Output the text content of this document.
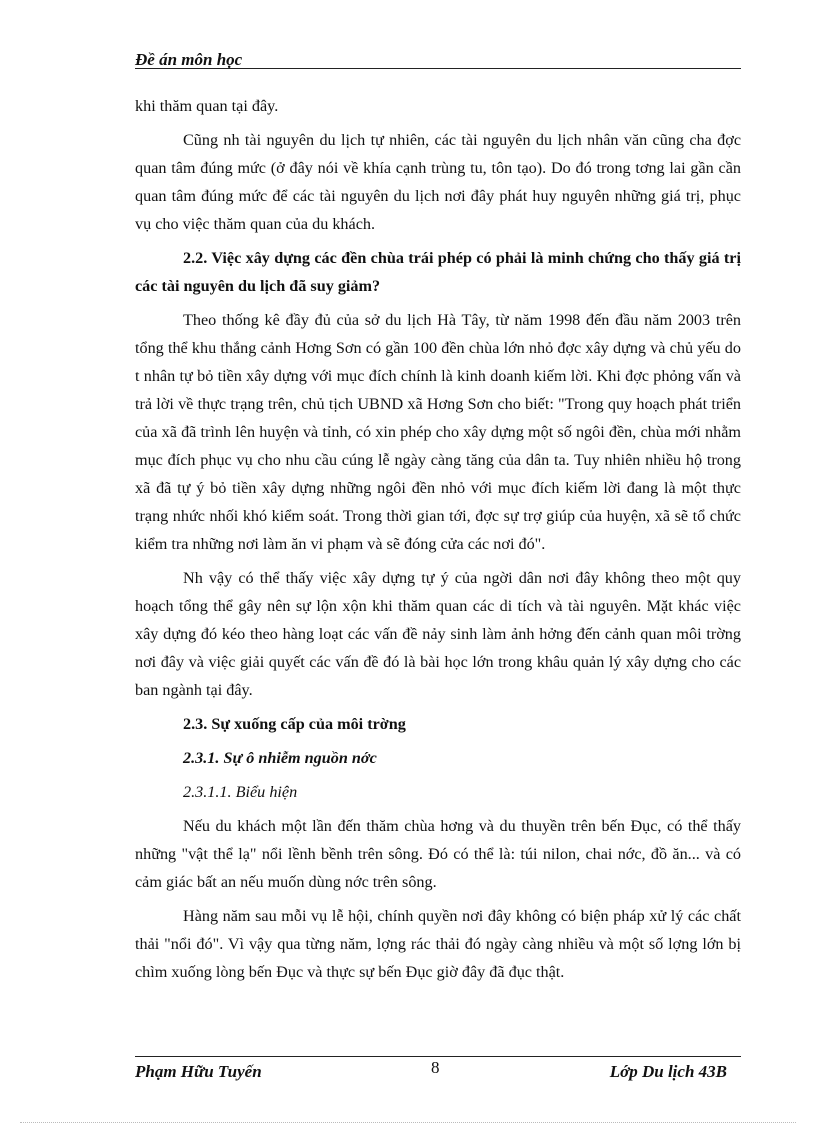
Đề án môn học

khi thăm quan tại đây.

Cũng nh tài nguyên du lịch tự nhiên, các tài nguyên du lịch nhân văn cũng cha đợc quan tâm đúng mức (ở đây nói về khía cạnh trùng tu, tôn tạo). Do đó trong tơng lai gần cần quan tâm đúng mức để các tài nguyên du lịch nơi đây phát huy nguyên những giá trị, phục vụ cho việc thăm quan của du khách.

2.2. Việc xây dựng các đền chùa trái phép có phải là minh chứng cho thấy giá trị các tài nguyên du lịch đã suy giảm?

Theo thống kê đầy đủ của sở du lịch Hà Tây, từ năm 1998 đến đầu năm 2003 trên tổng thể khu thắng cảnh Hơng Sơn có gần 100 đền chùa lớn nhỏ đợc xây dựng và chủ yếu do t nhân tự bỏ tiền xây dựng với mục đích chính là kinh doanh kiếm lời. Khi đợc phỏng vấn và trả lời về thực trạng trên, chủ tịch UBND xã Hơng Sơn cho biết: "Trong quy hoạch phát triển của xã đã trình lên huyện và tỉnh, có xin phép cho xây dựng một số ngôi đền, chùa mới nhằm mục đích phục vụ cho nhu cầu cúng lễ ngày càng tăng của dân ta. Tuy nhiên nhiều hộ trong xã đã tự ý bỏ tiền xây dựng những ngôi đền nhỏ với mục đích kiếm lời đang là một thực trạng nhức nhối khó kiểm soát. Trong thời gian tới, đợc sự trợ giúp của huyện, xã sẽ tổ chức kiểm tra những nơi làm ăn vi phạm và sẽ đóng cửa các nơi đó".

Nh vậy có thể thấy việc xây dựng tự ý của ngời dân nơi đây không theo một quy hoạch tổng thể gây nên sự lộn xộn khi thăm quan các di tích và tài nguyên. Mặt khác việc xây dựng đó kéo theo hàng loạt các vấn đề nảy sinh làm ảnh hởng đến cảnh quan môi trờng nơi đây và việc giải quyết các vấn đề đó là bài học lớn trong khâu quản lý xây dựng cho các ban ngành tại đây.

2.3. Sự xuống cấp của môi trờng

2.3.1. Sự ô nhiễm nguồn nớc

2.3.1.1. Biểu hiện

Nếu du khách một lần đến thăm chùa hơng và du thuyền trên bến Đục, có thể thấy những "vật thể lạ" nổi lềnh bềnh trên sông. Đó có thể là: túi nilon, chai nớc, đồ ăn... và có cảm giác bất an nếu muốn dùng nớc trên sông.

Hàng năm sau mỗi vụ lễ hội, chính quyền nơi đây không có biện pháp xử lý các chất thải "nổi đó". Vì vậy qua từng năm, lợng rác thải đó ngày càng nhiều và một số lợng lớn bị chìm xuống lòng bến Đục và thực sự bến Đục giờ đây đã đục thật.

Phạm Hữu Tuyến	8	Lớp Du lịch 43B
